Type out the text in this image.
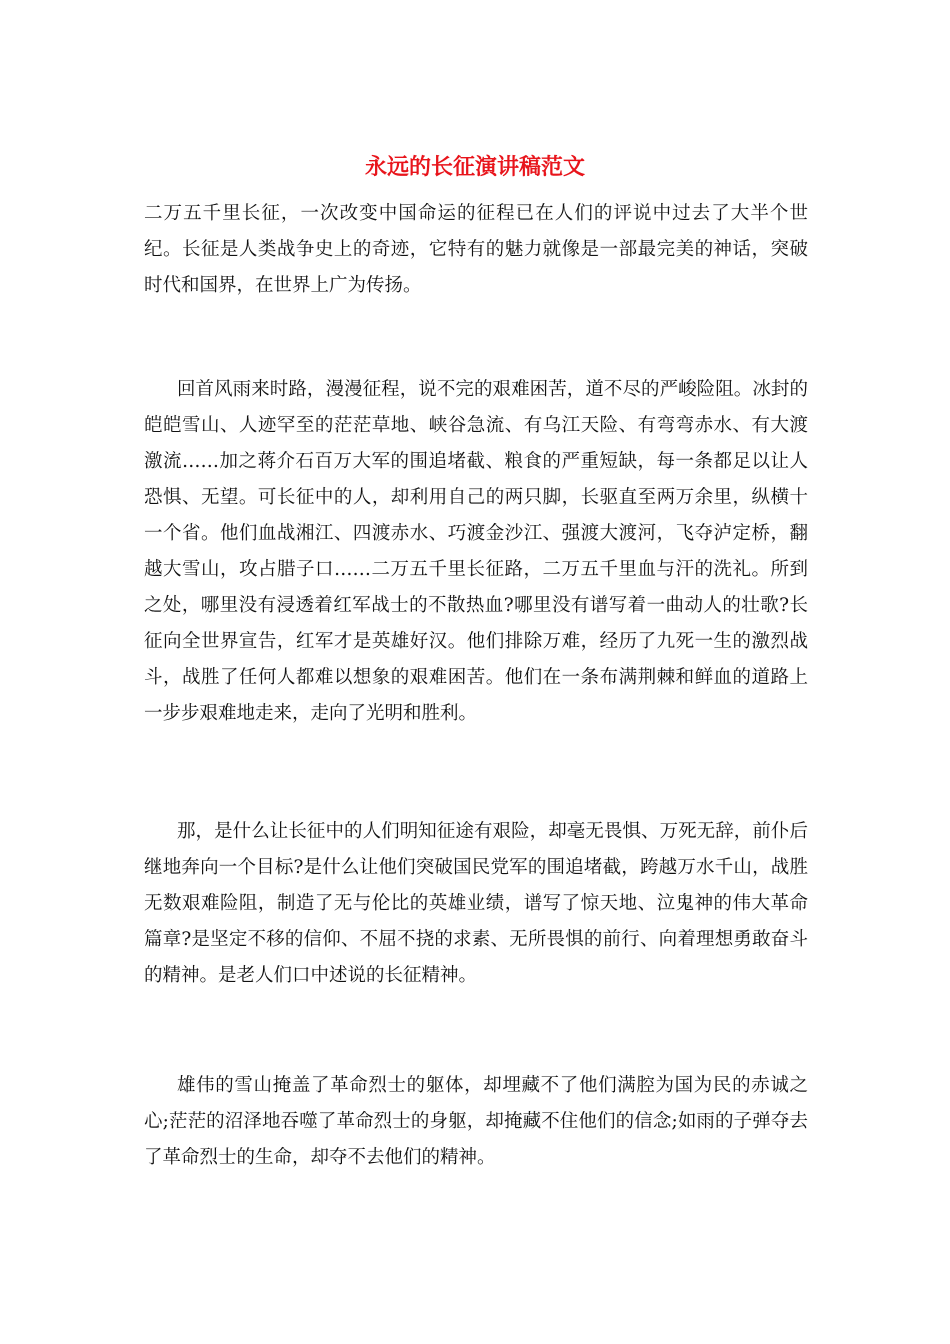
永远的长征演讲稿范文

二万五千里长征，一次改变中国命运的征程已在人们的评说中过去了大半个世纪。长征是人类战争史上的奇迹，它特有的魅力就像是一部最完美的神话，突破时代和国界，在世界上广为传扬。

回首风雨来时路，漫漫征程，说不完的艰难困苦，道不尽的严峻险阻。冰封的皑皑雪山、人迹罕至的茫茫草地、峡谷急流、有乌江天险、有弯弯赤水、有大渡激流……加之蒋介石百万大军的围追堵截、粮食的严重短缺，每一条都足以让人恐惧、无望。可长征中的人，却利用自己的两只脚，长驱直至两万余里，纵横十一个省。他们血战湘江、四渡赤水、巧渡金沙江、强渡大渡河，飞夺泸定桥，翻越大雪山，攻占腊子口……二万五千里长征路，二万五千里血与汗的洗礼。所到之处，哪里没有浸透着红军战士的不散热血?哪里没有谱写着一曲动人的壮歌?长征向全世界宣告，红军才是英雄好汉。他们排除万难，经历了九死一生的激烈战斗，战胜了任何人都难以想象的艰难困苦。他们在一条布满荆棘和鲜血的道路上一步步艰难地走来，走向了光明和胜利。

那，是什么让长征中的人们明知征途有艰险，却毫无畏惧、万死无辞，前仆后继地奔向一个目标?是什么让他们突破国民党军的围追堵截，跨越万水千山，战胜无数艰难险阻，制造了无与伦比的英雄业绩，谱写了惊天地、泣鬼神的伟大革命篇章?是坚定不移的信仰、不屈不挠的求素、无所畏惧的前行、向着理想勇敢奋斗的精神。是老人们口中述说的长征精神。

雄伟的雪山掩盖了革命烈士的躯体，却埋藏不了他们满腔为国为民的赤诚之心;茫茫的沼泽地吞噬了革命烈士的身躯，却掩藏不住他们的信念;如雨的子弹夺去了革命烈士的生命，却夺不去他们的精神。
